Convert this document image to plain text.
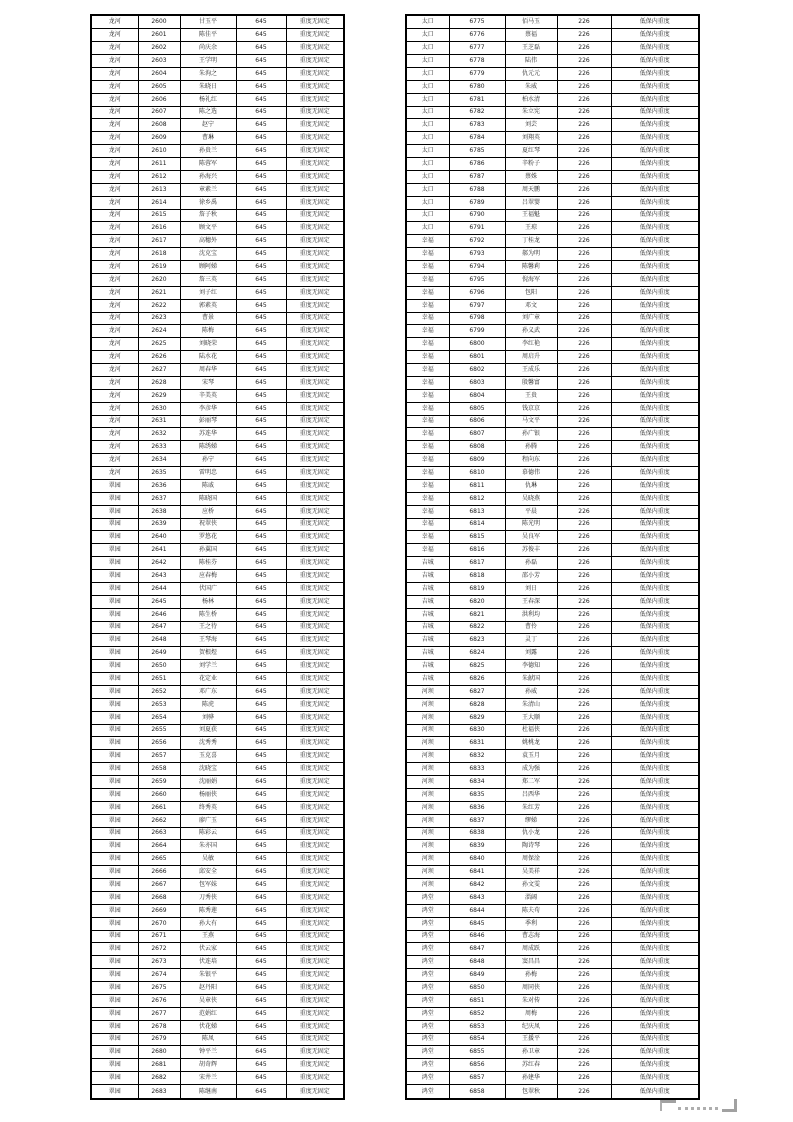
龙河	2600	甘玉平	645	重度无固定
龙河	2601	陈佳平	645	重度无固定
龙河	2602	尚庆余	645	重度无固定
龙河	2603	王学明	645	重度无固定
龙河	2604	朱洵之	645	重度无固定
龙河	2605	朱晓日	645	重度无固定
龙河	2606	杨礼红	645	重度无固定
龙河	2607	陈之选	645	重度无固定
龙河	2608	赵宁	645	重度无固定
龙河	2609	曹琳	645	重度无固定
龙河	2610	孙贵兰	645	重度无固定
龙河	2611	陈蓉军	645	重度无固定
龙河	2612	孙海兴	645	重度无固定
龙河	2613	章素兰	645	重度无固定
龙河	2614	徐乡禹	645	重度无固定
龙河	2615	詹子秋	645	重度无固定
龙河	2616	顾文平	645	重度无固定
龙河	2617	高穗外	645	重度无固定
龙河	2618	沈克宝	645	重度无固定
龙河	2619	顾阿娣	645	重度无固定
龙河	2620	詹三英	645	重度无固定
龙河	2621	刘子红	645	重度无固定
龙河	2622	郭素英	645	重度无固定
龙河	2623	曹景	645	重度无固定
龙河	2624	陈梅	645	重度无固定
龙河	2625	刘晓荣	645	重度无固定
龙河	2626	陆水花	645	重度无固定
龙河	2627	周春华	645	重度无固定
龙河	2628	宋琴	645	重度无固定
龙河	2629	辛美英	645	重度无固定
龙河	2630	李彦华	645	重度无固定
龙河	2631	彭丽琴	645	重度无固定
龙河	2632	苏连华	645	重度无固定
龙河	2633	陈绣娣	645	重度无固定
龙河	2634	孙宁	645	重度无固定
龙河	2635	雷明忠	645	重度无固定
翠园	2636	陈戚	645	重度无固定
翠园	2637	陈晓国	645	重度无固定
翠园	2638	应桥	645	重度无固定
翠园	2639	祝翠侠	645	重度无固定
翠园	2640	罗悠花	645	重度无固定
翠园	2641	孙翼国	645	重度无固定
翠园	2642	陈桂芬	645	重度无固定
翠园	2643	应春梅	645	重度无固定
翠园	2644	伏国广	645	重度无固定
翠园	2645	杨林	645	重度无固定
翠园	2646	陈生桥	645	重度无固定
翠园	2647	王之待	645	重度无固定
翠园	2648	王琴海	645	重度无固定
翠园	2649	贺根煜	645	重度无固定
翠园	2650	刘学兰	645	重度无固定
翠园	2651	花定业	645	重度无固定
翠园	2652	邓广东	645	重度无固定
翠园	2653	陈虎	645	重度无固定
翠园	2654	刘骅	645	重度无固定
翠园	2655	刘夏获	645	重度无固定
翠园	2656	沈秀秀	645	重度无固定
翠园	2657	玉克喜	645	重度无固定
翠园	2658	沈晓宝	645	重度无固定
翠园	2659	沈丽娟	645	重度无固定
翠园	2660	杨丽侠	645	重度无固定
翠园	2661	终秀英	645	重度无固定
翠园	2662	廖广玉	645	重度无固定
翠园	2663	陈彩云	645	重度无固定
翠园	2664	朱亦国	645	重度无固定
翠园	2665	吴敏	645	重度无固定
翠园	2666	邱安全	645	重度无固定
翠园	2667	包军妹	645	重度无固定
翠园	2668	刀秀侠	645	重度无固定
翠园	2669	陈秀莲	645	重度无固定
翠园	2670	孙大有	645	重度无固定
翠园	2671	王燕	645	重度无固定
翠园	2672	伏云家	645	重度无固定
翠园	2673	伏连培	645	重度无固定
翠园	2674	朱银平	645	重度无固定
翠园	2675	赵丹阳	645	重度无固定
翠园	2676	吴章侠	645	重度无固定
翠园	2677	范娟红	645	重度无固定
翠园	2678	伏花娣	645	重度无固定
翠园	2679	陈凤	645	重度无固定
翠园	2680	钟平兰	645	重度无固定
翠园	2681	胡奇辉	645	重度无固定
翠园	2682	宋井兰	645	重度无固定
翠园	2683	陈继南	645	重度无固定
太口	6775	佰马玉	226	低保内重度
太口	6776	蔡福	226	低保内重度
太口	6777	王芝磊	226	低保内重度
太口	6778	陆伟	226	低保内重度
太口	6779	仇元元	226	低保内重度
太口	6780	朱威	226	低保内重度
太口	6781	柏水清	226	低保内重度
太口	6782	朱立宪	226	低保内重度
太口	6783	刘芸	226	低保内重度
太口	6784	刘翔英	226	低保内重度
太口	6785	夏红琴	226	低保内重度
太口	6786	辛粉子	226	低保内重度
太口	6787	蔡姝	226	低保内重度
太口	6788	周天鹏	226	低保内重度
太口	6789	吕翠婴	226	低保内重度
太口	6790	王福魁	226	低保内重度
太口	6791	王琼	226	低保内重度
幸福	6792	丁桂龙	226	低保内重度
幸福	6793	郝为明	226	低保内重度
幸福	6794	陈馨莉	226	低保内重度
幸福	6795	倪海军	226	低保内重度
幸福	6796	包阳	226	低保内重度
幸福	6797	邓文	226	低保内重度
幸福	6798	刘广章	226	低保内重度
幸福	6799	孙义武	226	低保内重度
幸福	6800	李红艳	226	低保内重度
幸福	6801	周启升	226	低保内重度
幸福	6802	王成乐	226	低保内重度
幸福	6803	殷馨富	226	低保内重度
幸福	6804	王贵	226	低保内重度
幸福	6805	钱京京	226	低保内重度
幸福	6806	马文平	226	低保内重度
幸福	6807	孙广银	226	低保内重度
幸福	6808	孙腾	226	低保内重度
幸福	6809	程向东	226	低保内重度
幸福	6810	慕德伟	226	低保内重度
幸福	6811	仇琳	226	低保内重度
幸福	6812	吴晓燕	226	低保内重度
幸福	6813	平晨	226	低保内重度
幸福	6814	陈光明	226	低保内重度
幸福	6815	吴良军	226	低保内重度
幸福	6816	苏俊丰	226	低保内重度
吉城	6817	孙磊	226	低保内重度
吉城	6818	邵小芳	226	低保内重度
吉城	6819	刘日	226	低保内重度
吉城	6820	王春深	226	低保内重度
吉城	6821	洪利均	226	低保内重度
吉城	6822	曹伶	226	低保内重度
吉城	6823	灵丁	226	低保内重度
吉城	6824	刘露	226	低保内重度
吉城	6825	李德知	226	低保内重度
吉城	6826	朱献国	226	低保内重度
河坝	6827	孙威	226	低保内重度
河坝	6828	朱清山	226	低保内重度
河坝	6829	王大顺	226	低保内重度
河坝	6830	杜福侠	226	低保内重度
河坝	6831	姚桃龙	226	低保内重度
河坝	6832	袁玉月	226	低保内重度
河坝	6833	成为强	226	低保内重度
河坝	6834	郑二军	226	低保内重度
河坝	6835	吕西华	226	低保内重度
河坝	6836	朱红芳	226	低保内重度
河坝	6837	缪娣	226	低保内重度
河坝	6838	仇小龙	226	低保内重度
河坝	6839	陶诗琴	226	低保内重度
河坝	6840	周保淦	226	低保内重度
河坝	6841	吴美祥	226	低保内重度
河坝	6842	孙文雯	226	低保内重度
鸿堂	6843	淄阔	226	低保内重度
鸿堂	6844	陈夫苟	226	低保内重度
鸿堂	6845	季利	226	低保内重度
鸿堂	6846	曹志海	226	低保内重度
鸿堂	6847	周成跃	226	低保内重度
鸿堂	6848	窦昌昌	226	低保内重度
鸿堂	6849	孙梅	226	低保内重度
鸿堂	6850	周同侠	226	低保内重度
鸿堂	6851	朱对传	226	低保内重度
鸿堂	6852	周梅	226	低保内重度
鸿堂	6853	纪庆凤	226	低保内重度
鸿堂	6854	王援平	226	低保内重度
鸿堂	6855	孙卫章	226	低保内重度
鸿堂	6856	苏红春	226	低保内重度
鸿堂	6857	孙建华	226	低保内重度
鸿堂	6858	包翠秋	226	低保内重度
